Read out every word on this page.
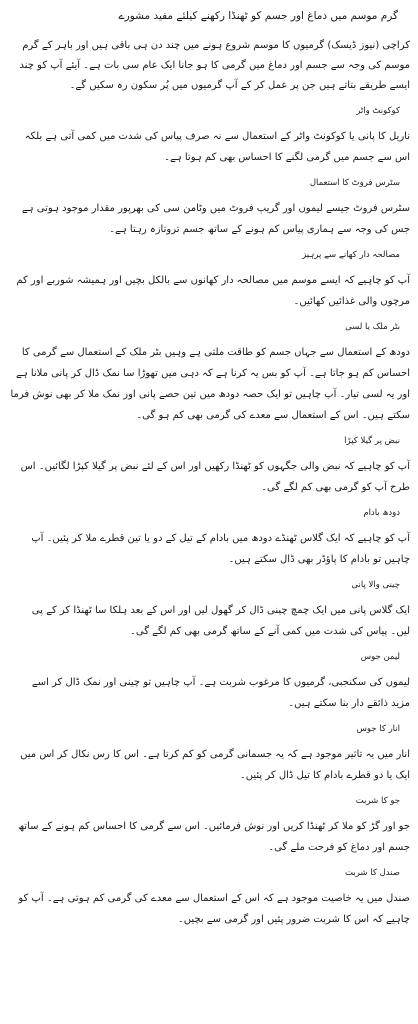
گرم موسم میں دماغ اور جسم کو ٹھنڈا رکھنے کیلئے مفید مشورے
کراچی (نیوز ڈیسک) گرمیوں کا موسم شروع ہونے میں چند دن ہی باقی ہیں اور باہر کے گرم موسم کی وجہ سے جسم اور دماغ میں گرمی کا ہو جانا ایک عام سی بات ہے۔ آیئے آپ کو چند ایسے طریقے بتاتے ہیں جن پر عمل کر کے آپ گرمیوں میں پُر سکون رہ سکیں گے۔
کوکونٹ واٹر
ناریل کا پانی یا کوکونٹ واٹر کے استعمال سے نہ صرف پیاس کی شدت میں کمی آتی ہے بلکہ اس سے جسم میں گرمی لگنے کا احساس بھی کم ہوتا ہے۔
سٹرس فروٹ کا استعمال
سٹرس فروٹ جیسے لیموں اور گریپ فروٹ میں وٹامن سی کی بھرپور مقدار موجود ہوتی ہے جس کی وجہ سے ہماری پیاس کم ہونے کے ساتھ جسم تروتازہ رہتا ہے۔
مصالحہ دار کھانے سے پرہیز
آپ کو چاہیے کہ ایسے موسم میں مصالحہ دار کھانوں سے بالکل بچیں اور ہمیشہ شوربے اور کم مرچوں والی غذائیں کھائیں۔
بٹر ملک یا لسی
دودھ کے استعمال سے جہاں جسم کو طاقت ملتی ہے وہیں بٹر ملک کے استعمال سے گرمی کا احساس کم ہو جاتا ہے۔ آپ کو بس یہ کرنا ہے کہ دہی میں تھوڑا سا نمک ڈال کر پانی ملانا ہے اور یہ لسی تیار۔ آپ چاہیں تو ایک حصہ دودھ میں تین حصے پانی اور نمک ملا کر بھی نوش فرما سکتے ہیں۔ اس کے استعمال سے معدے کی گرمی بھی کم ہو گی۔
نبض پر گیلا کپڑا
آپ کو چاہیے کہ نبض والی جگہوں کو ٹھنڈا رکھیں اور اس کے لئے نبض پر گیلا کپڑا لگائیں۔ اس طرح آپ کو گرمی بھی کم لگے گی۔
دودھ بادام
آپ کو چاہیے کہ ایک گلاس ٹھنڈے دودھ میں بادام کے تیل کے دو یا تین قطرے ملا کر پئیں۔ آپ چاہیں تو بادام کا پاؤڈر بھی ڈال سکتے ہیں۔
چینی والا پانی
ایک گلاس پانی میں ایک چمچ چینی ڈال کر گھول لیں اور اس کے بعد ہلکا سا ٹھنڈا کر کے پی لیں۔ پیاس کی شدت میں کمی آنے کے ساتھ گرمی بھی کم لگے گی۔
لیمن جوس
لیموں کی سکنجبی، گرمیوں کا مرغوب شربت ہے۔ آپ چاہیں تو چینی اور نمک ڈال کر اسے مزید ذائقے دار بنا سکتے ہیں۔
انار کا جوس
انار میں یہ تاثیر موجود ہے کہ یہ جسمانی گرمی کو کم کرتا ہے۔ اس کا رس نکال کر اس میں ایک یا دو قطرے بادام کا تیل ڈال کر پئیں۔
جو کا شربت
جو اور گڑ کو ملا کر ٹھنڈا کریں اور نوش فرمائیں۔ اس سے گرمی کا احساس کم ہونے کے ساتھ جسم اور دماغ کو فرحت ملے گی۔
صندل کا شربت
صندل میں یہ خاصیت موجود ہے کہ اس کے استعمال سے معدے کی گرمی کم ہوتی ہے۔ آپ کو چاہیے کہ اس کا شربت ضرور پئیں اور گرمی سے بچیں۔
